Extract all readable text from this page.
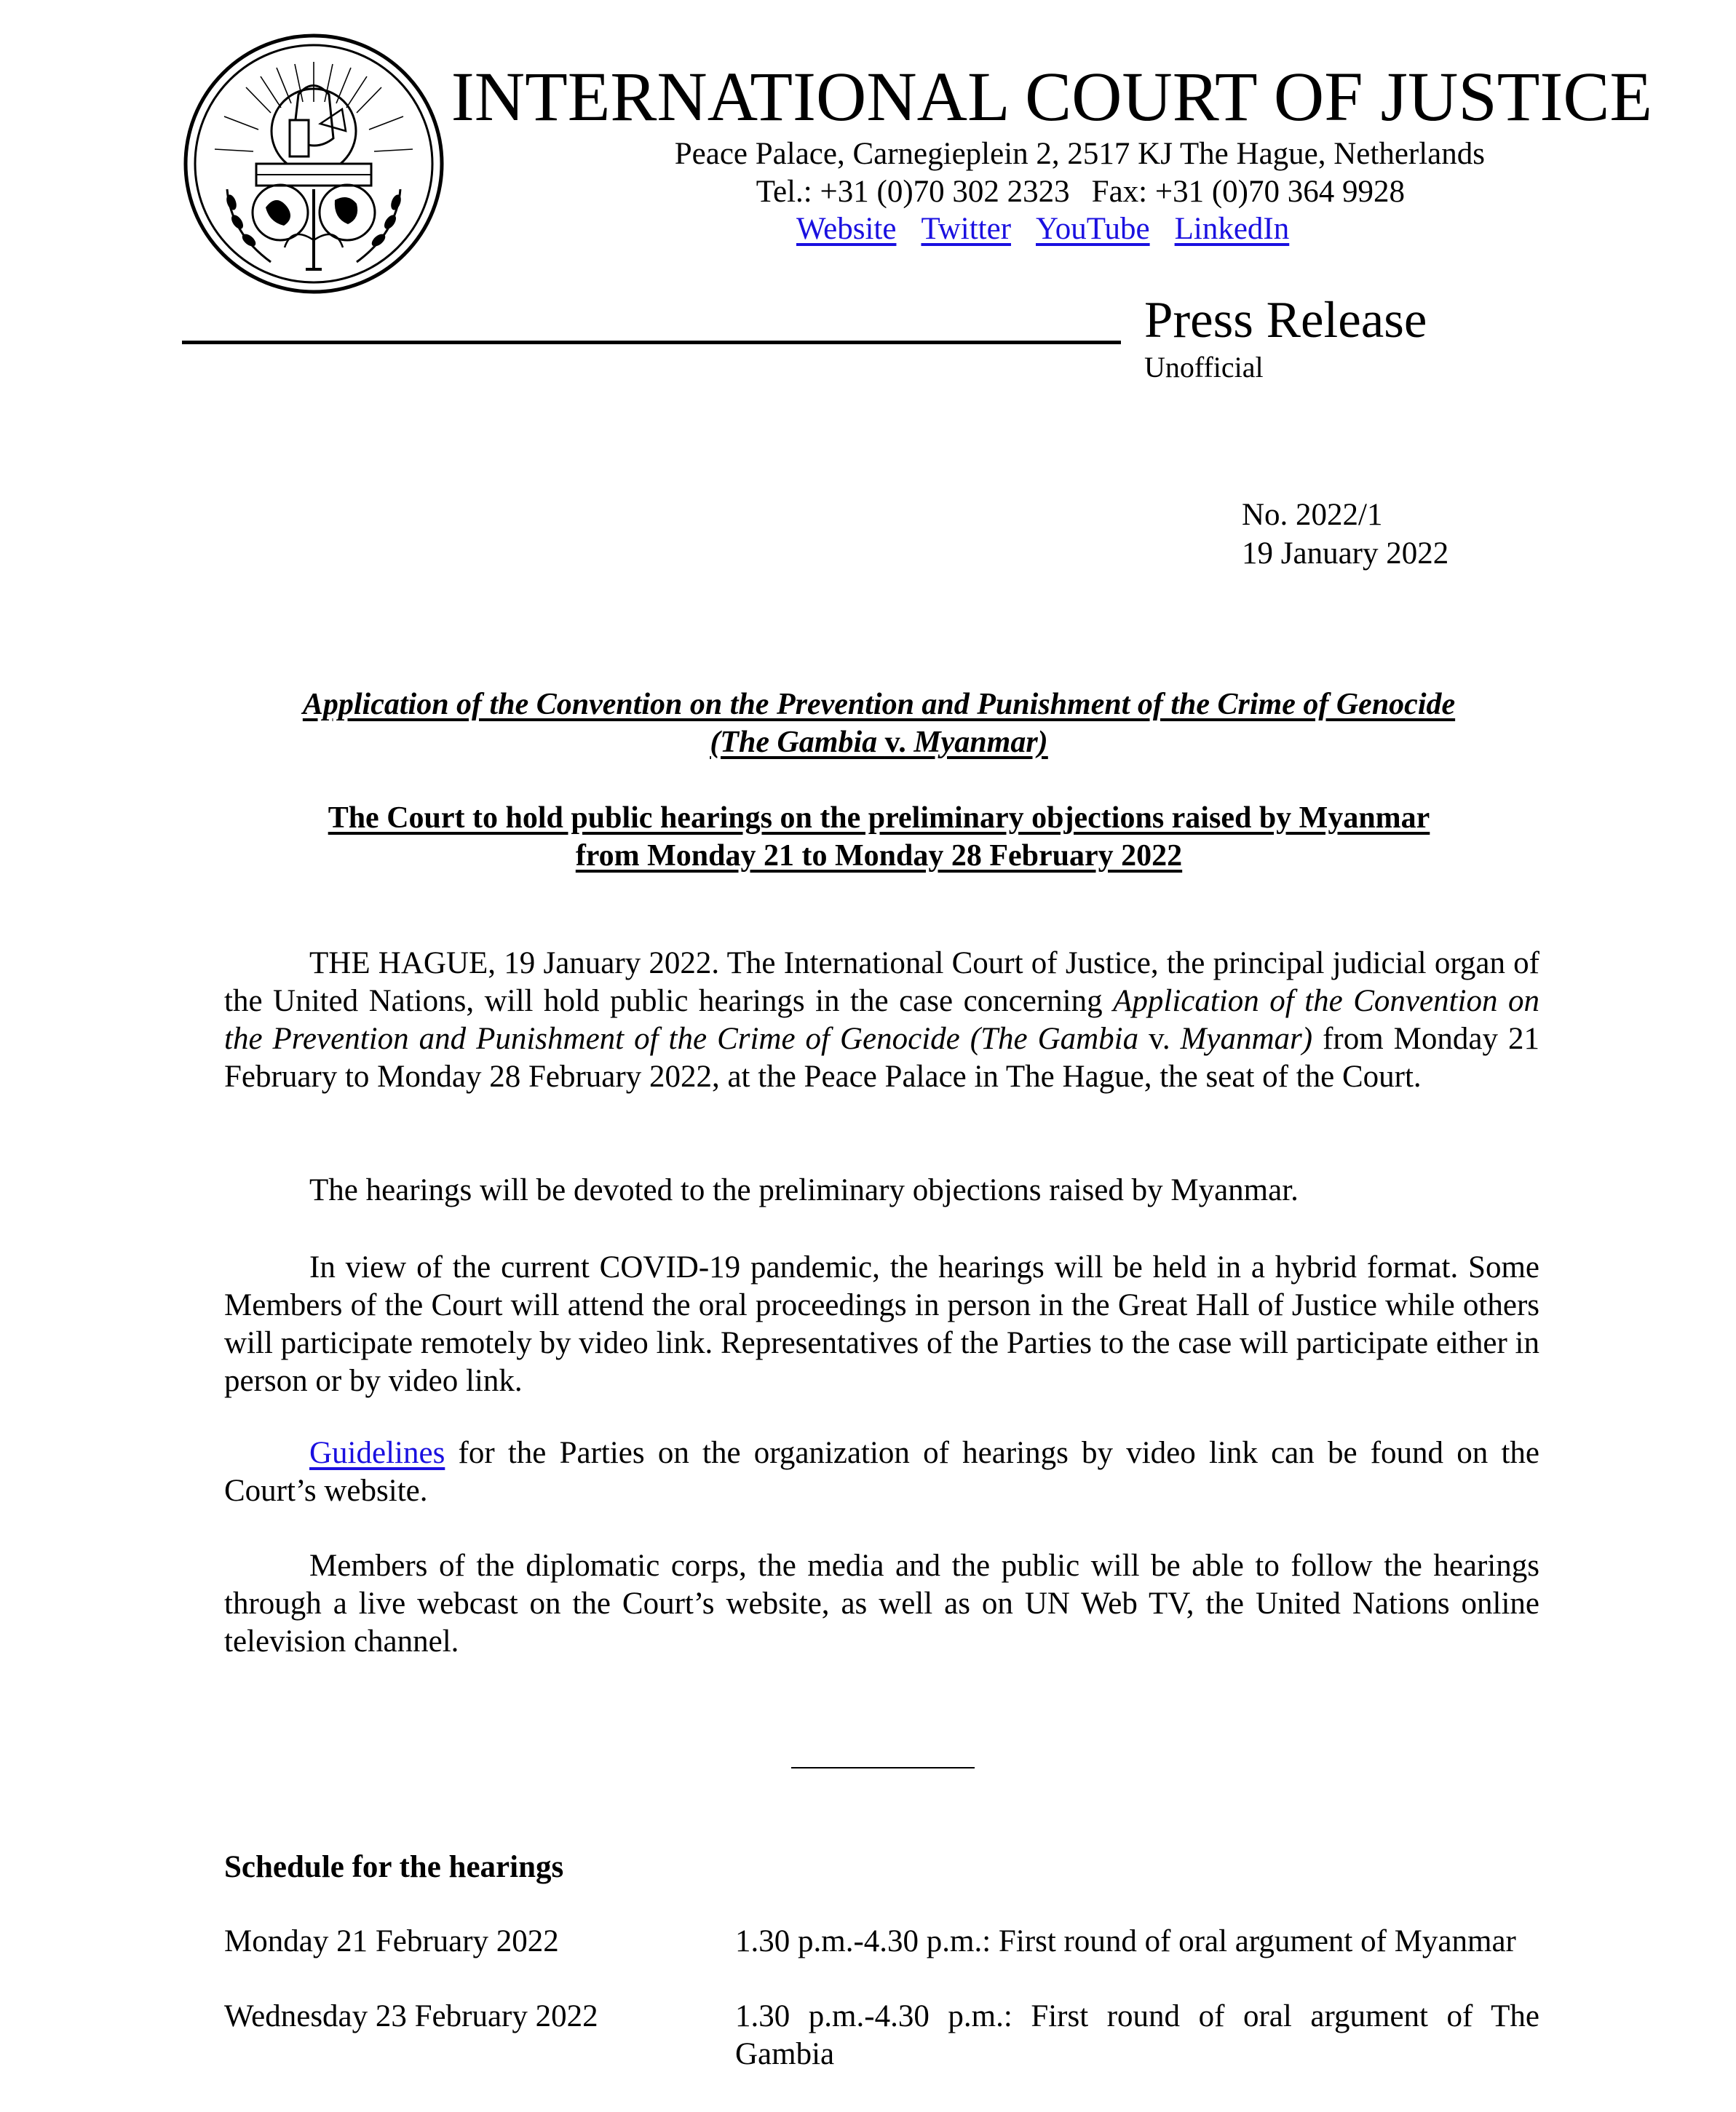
INTERNATIONAL COURT OF JUSTICE
Peace Palace, Carnegieplein 2, 2517 KJ The Hague, Netherlands
Tel.: +31 (0)70 302 2323 Fax: +31 (0)70 364 9928
Website Twitter YouTube LinkedIn
Press Release
Unofficial
No. 2022/1
19 January 2022
Application of the Convention on the Prevention and Punishment of the Crime of Genocide
(The Gambia v. Myanmar)
The Court to hold public hearings on the preliminary objections raised by Myanmar
from Monday 21 to Monday 28 February 2022
THE HAGUE, 19 January 2022. The International Court of Justice, the principal judicial organ of the United Nations, will hold public hearings in the case concerning Application of the Convention on the Prevention and Punishment of the Crime of Genocide (The Gambia v. Myanmar) from Monday 21 February to Monday 28 February 2022, at the Peace Palace in The Hague, the seat of the Court.
The hearings will be devoted to the preliminary objections raised by Myanmar.
In view of the current COVID-19 pandemic, the hearings will be held in a hybrid format. Some Members of the Court will attend the oral proceedings in person in the Great Hall of Justice while others will participate remotely by video link. Representatives of the Parties to the case will participate either in person or by video link.
Guidelines for the Parties on the organization of hearings by video link can be found on the Court’s website.
Members of the diplomatic corps, the media and the public will be able to follow the hearings through a live webcast on the Court’s website, as well as on UN Web TV, the United Nations online television channel.
Schedule for the hearings
Monday 21 February 2022	1.30 p.m.-4.30 p.m.: First round of oral argument of Myanmar
Wednesday 23 February 2022	1.30 p.m.-4.30 p.m.: First round of oral argument of The Gambia
